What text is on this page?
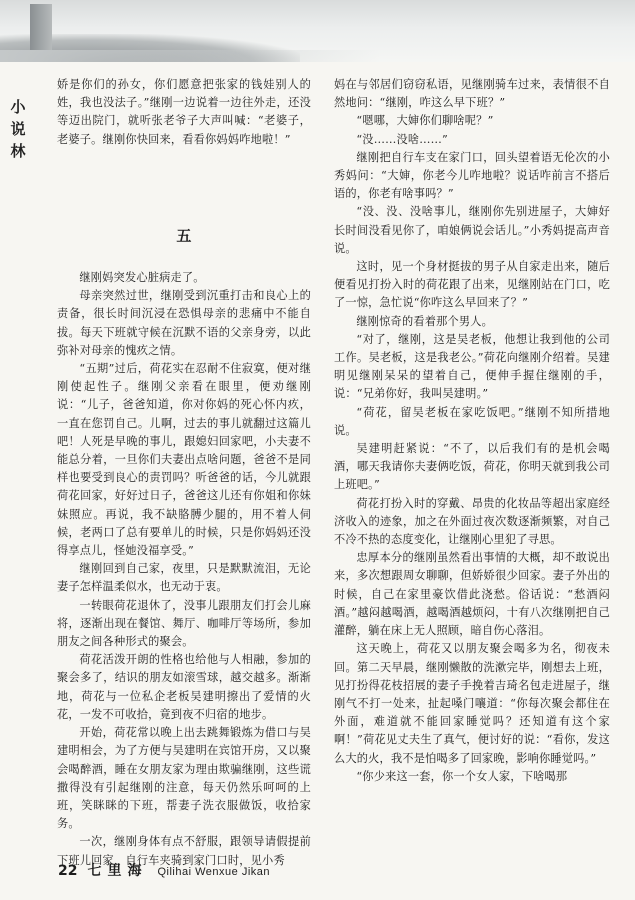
小说林

娇是你们的孙女，你们愿意把张家的钱娃别人的姓，我也没法子。”继刚一边说着一边往外走，还没等迈出院门，就听张老爷子大声叫喊：“老婆子，老婆子。继刚你快回来，看看你妈妈咋地啦！”

五

继刚妈突发心脏病走了。

母亲突然过世，继刚受到沉重打击和良心上的责备，很长时间沉浸在恐惧母亲的悲痛中不能自拔。每天下班就守候在沉默不语的父亲身旁，以此弥补对母亲的愧疚之情。

“五期”过后，荷花实在忍耐不住寂寞，便对继刚使起性子。继刚父亲看在眼里，便劝继刚说：“儿子，爸爸知道，你对你妈的死心怀内疚，一直在您罚自己。儿啊，过去的事儿就翻过这篇儿吧！人死是早晚的事儿，跟媳妇回家吧，小夫妻不能总分着，一旦你们夫妻出点啥问题，爸爸不是同样也要受到良心的责罚吗？听爸爸的话，今儿就跟荷花回家，好好过日子，爸爸这儿还有你姐和你妹妹照应。再说，我不缺胳膊少腿的，用不着人伺候，老两口了总有要单儿的时候，只是你妈妈还没得享点儿，怪她没福享受。”

继刚回到自己家，夜里，只是默默流泪，无论妻子怎样温柔似水，也无动于衷。

一转眼荷花退休了，没事儿跟朋友们打会儿麻将，逐渐出现在餐馆、舞厅、咖啡厅等场所，参加朋友之间各种形式的聚会。

荷花活泼开朗的性格也给他与人相融，参加的聚会多了，结识的朋友如滚雪球，越交越多。渐渐地，荷花与一位私企老板吴建明擦出了爱情的火花，一发不可收拾，竟到夜不归宿的地步。

开始，荷花常以晚上出去跳舞锻炼为借口与吴建明相会，为了方便与吴建明在宾馆开房，又以聚会喝醉酒，睡在女朋友家为理由欺骗继刚，这些谎撒得没有引起继刚的注意，每天仍然乐呵呵的上班，笑眯眯的下班，帮妻子洗衣服做饭，收拾家务。

一次，继刚身体有点不舒服，跟领导请假提前下班儿回家，自行车夹骑到家门口时，见小秀

妈在与邻居们窃窃私语，见继刚骑车过来，表情很不自然地问：“继刚，咋这么早下班？”

“嗯哪，大婶你们聊啥呢？”

“没……没啥……”

继刚把自行车支在家门口，回头望着语无伦次的小秀妈问：“大婶，你老今儿咋地啦？说话咋前言不搭后语的，你老有啥事吗？”

“没、没、没啥事儿，继刚你先别进屋子，大婶好长时间没看见你了，咱娘俩说会话儿。”小秀妈提高声音说。

这时，见一个身材挺拔的男子从自家走出来，随后便看见打扮入时的荷花跟了出来，见继刚站在门口，吃了一惊，急忙说“你咋这么早回来了？”

继刚惊奇的看着那个男人。

“对了，继刚，这是吴老板，他想让我到他的公司工作。吴老板，这是我老公。”荷花向继刚介绍着。吴建明见继刚呆呆的望着自己，便伸手握住继刚的手，说：“兄弟你好，我叫吴建明。”

“荷花，留吴老板在家吃饭吧。”继刚不知所措地说。

吴建明赶紧说：“不了，以后我们有的是机会喝酒，哪天我请你夫妻俩吃饭，荷花，你明天就到我公司上班吧。”

荷花打扮入时的穿戴、昂贵的化妆品等超出家庭经济收入的迹象，加之在外面过夜次数逐渐频繁，对自己不冷不热的态度变化，让继刚心里犯了寻思。

忠厚本分的继刚虽然看出事情的大概，却不敢说出来，多次想跟周女聊聊，但娇娇很少回家。妻子外出的时候，自己在家里豪饮借此浇愁。俗话说：“愁酒闷酒。”越闷越喝酒，越喝酒越烦闷，十有八次继刚把自己灌醉，躺在床上无人照顾，暗自伤心落泪。

这天晚上，荷花又以朋友聚会喝多为名，彻夜未回。第二天早晨，继刚懒散的洗漱完毕，刚想去上班，见打扮得花枝招展的妻子手挽着吉琦名包走进屋子，继刚气不打一处来，扯起嗓门嚷道：“你每次聚会都住在外面，难道就不能回家睡觉吗？还知道有这个家啊！”荷花见丈夫生了真气，便讨好的说：“看你，发这么大的火，我不是怕喝多了回家晚，影响你睡觉吗。”

“你少来这一套，你一个女人家，下啥喝那

22 七里海 Qilihai Wenxue Jikan
